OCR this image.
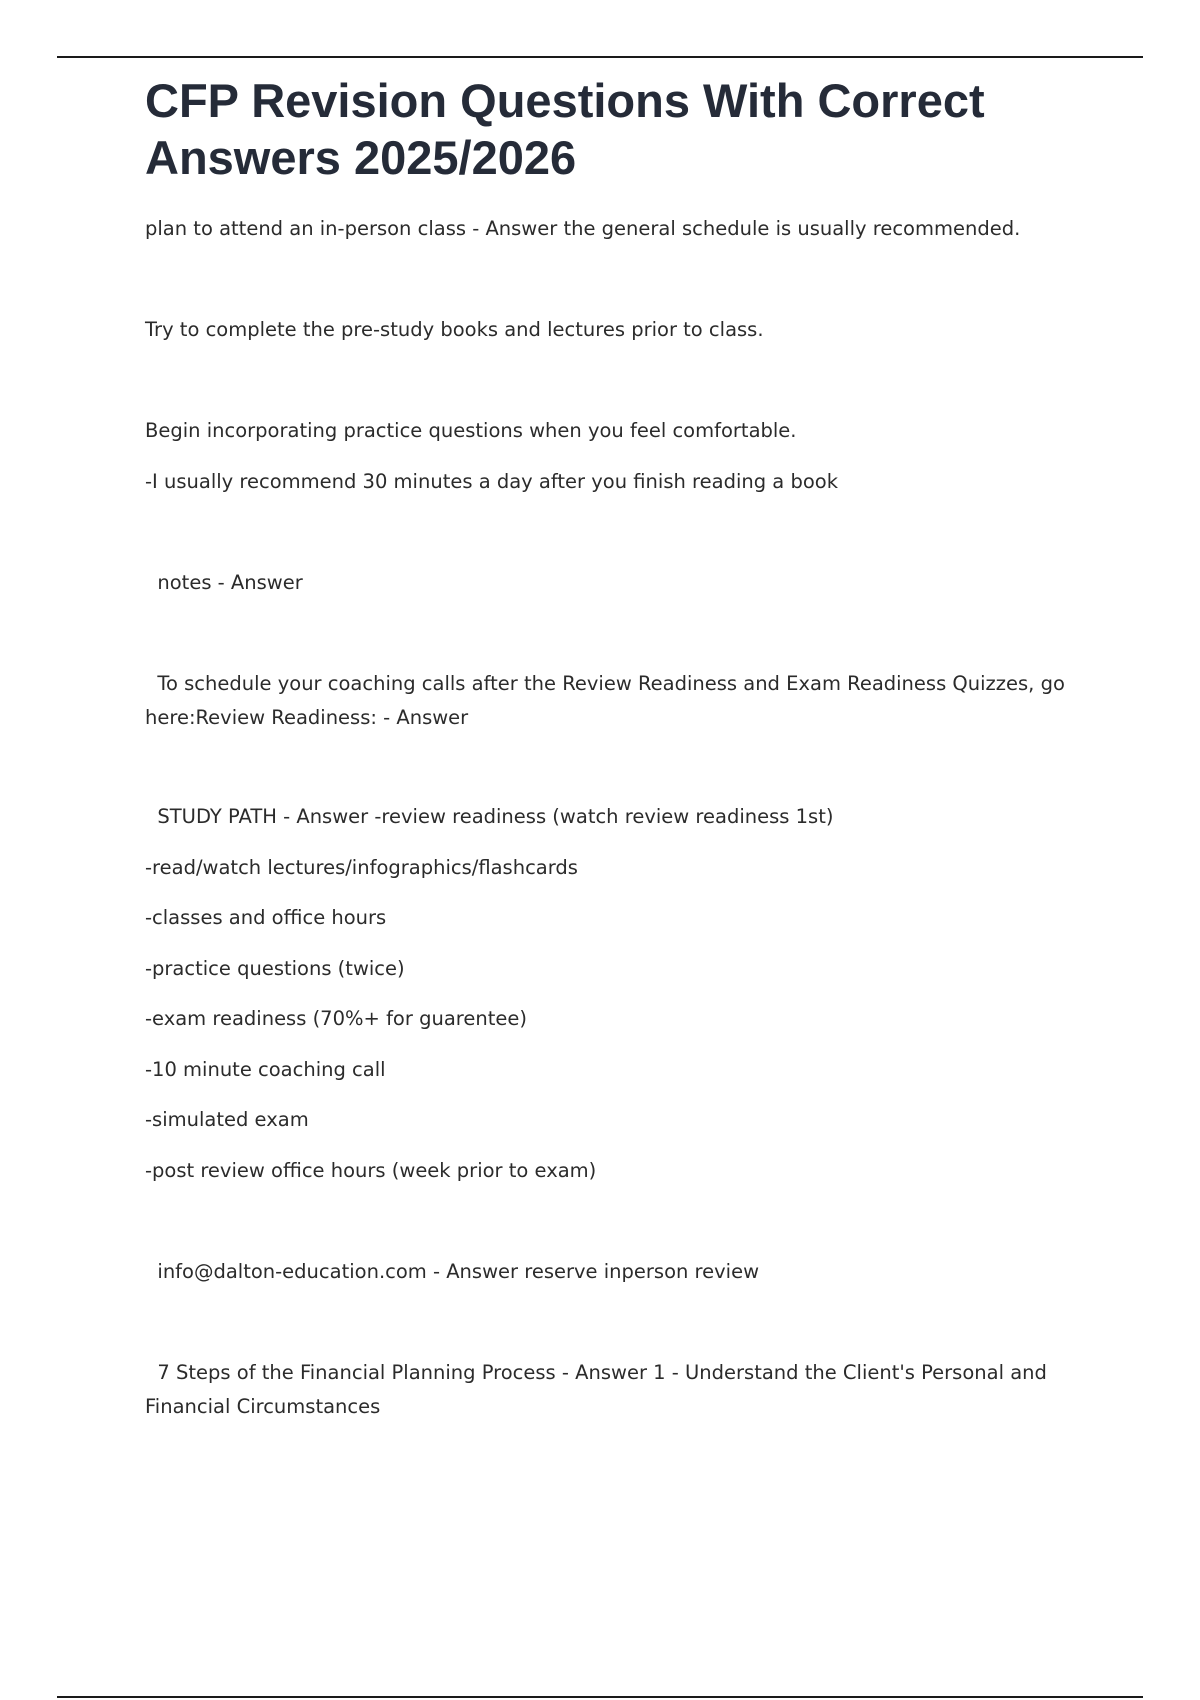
CFP Revision Questions With Correct Answers 2025/2026

plan to attend an in-person class - Answer the general schedule is usually recommended.

Try to complete the pre-study books and lectures prior to class.

Begin incorporating practice questions when you feel comfortable.

-I usually recommend 30 minutes a day after you finish reading a book

notes - Answer

To schedule your coaching calls after the Review Readiness and Exam Readiness Quizzes, go here:Review Readiness: - Answer

STUDY PATH - Answer -review readiness (watch review readiness 1st)

-read/watch lectures/infographics/flashcards

-classes and office hours

-practice questions (twice)

-exam readiness (70%+ for guarentee)

-10 minute coaching call

-simulated exam

-post review office hours (week prior to exam)

info@dalton-education.com - Answer reserve inperson review

7 Steps of the Financial Planning Process - Answer 1 - Understand the Client's Personal and Financial Circumstances
